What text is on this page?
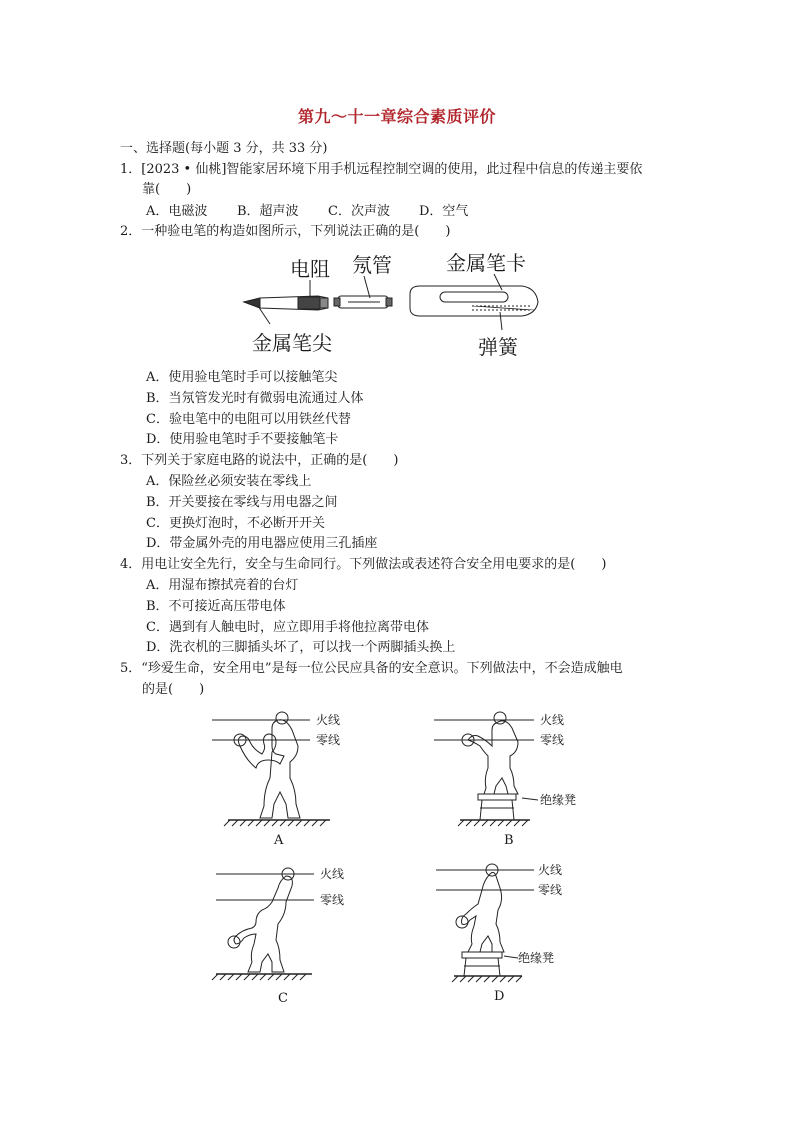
第九～十一章综合素质评价
一、选择题(每小题 3 分，共 33 分)
1．[2023 • 仙桃]智能家居环境下用手机远程控制空调的使用，此过程中信息的传递主要依
靠(　　)
A．电磁波 B．超声波 C．次声波 D．空气
2．一种验电笔的构造如图所示，下列说法正确的是(　　)
电阻 氖管	金属笔卡
金属笔尖	弹簧
A．使用验电笔时手可以接触笔尖
B．当氖管发光时有微弱电流通过人体
C．验电笔中的电阻可以用铁丝代替
D．使用验电笔时手不要接触笔卡
3．下列关于家庭电路的说法中，正确的是(　　)
A．保险丝必须安装在零线上
B．开关要接在零线与用电器之间
C．更换灯泡时，不必断开开关
D．带金属外壳的用电器应使用三孔插座
4．用电让安全先行，安全与生命同行。下列做法或表述符合安全用电要求的是(　　)
A．用湿布擦拭亮着的台灯
B．不可接近高压带电体
C．遇到有人触电时，应立即用手将他拉离带电体
D．洗衣机的三脚插头坏了，可以找一个两脚插头换上
5．“珍爱生命，安全用电”是每一位公民应具备的安全意识。下列做法中，不会造成触电
的是(　　)
火线
零线
A
火线
零线
绝缘凳
B
火线
零线
C
火线
零线
绝缘凳
D
